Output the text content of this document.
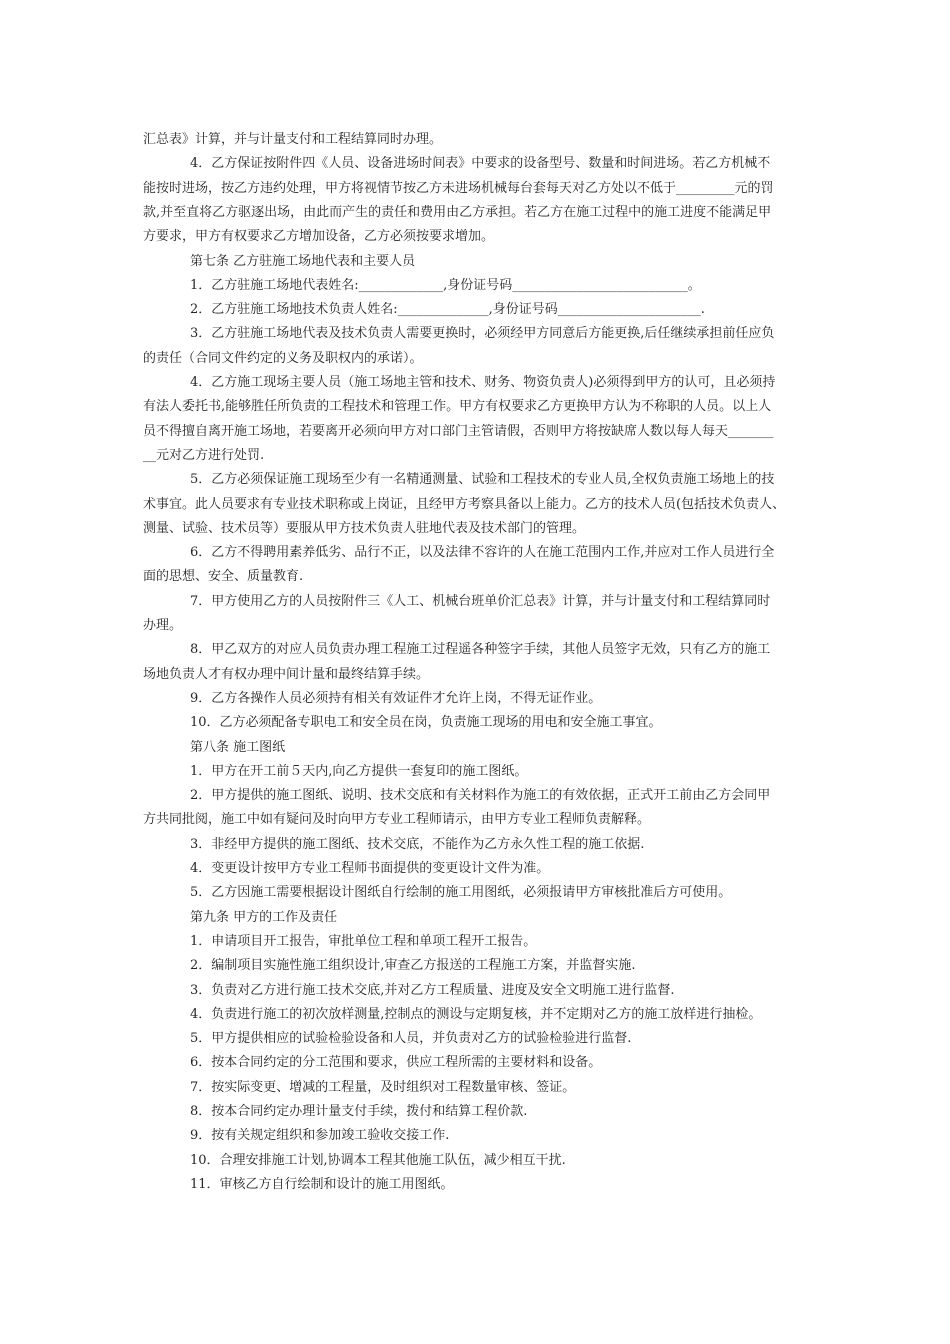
汇总表》计算，并与计量支付和工程结算同时办理。
4．乙方保证按附件四《人员、设备进场时间表》中要求的设备型号、数量和时间进场。若乙方机械不
能按时进场，按乙方违约处理，甲方将视情节按乙方未进场机械每台套每天对乙方处以不低于_________元的罚
款,并至直将乙方驱逐出场，由此而产生的责任和费用由乙方承担。若乙方在施工过程中的施工进度不能满足甲
方要求，甲方有权要求乙方增加设备，乙方必须按要求增加。
第七条 乙方驻施工场地代表和主要人员
1．乙方驻施工场地代表姓名:_____________,身份证号码___________________________。
2．乙方驻施工场地技术负责人姓名:______________,身份证号码______________________.
3．乙方驻施工场地代表及技术负责人需要更换时，必须经甲方同意后方能更换,后任继续承担前任应负
的责任（合同文件约定的义务及职权内的承诺）。
4．乙方施工现场主要人员（施工场地主管和技术、财务、物资负责人)必须得到甲方的认可，且必须持
有法人委托书,能够胜任所负责的工程技术和管理工作。甲方有权要求乙方更换甲方认为不称职的人员。以上人
员不得擅自离开施工场地，若要离开必须向甲方对口部门主管请假，否则甲方将按缺席人数以每人每天_______
__元对乙方进行处罚.
5．乙方必须保证施工现场至少有一名精通测量、试验和工程技术的专业人员,全权负责施工场地上的技
术事宜。此人员要求有专业技术职称或上岗证，且经甲方考察具备以上能力。乙方的技术人员(包括技术负责人、
测量、试验、技术员等）要服从甲方技术负责人驻地代表及技术部门的管理。
6．乙方不得聘用素养低劣、品行不正，以及法律不容许的人在施工范围内工作,并应对工作人员进行全
面的思想、安全、质量教育.
7．甲方使用乙方的人员按附件三《人工、机械台班单价汇总表》计算，并与计量支付和工程结算同时
办理。
8．甲乙双方的对应人员负责办理工程施工过程遥各种签字手续，其他人员签字无效，只有乙方的施工
场地负责人才有权办理中间计量和最终结算手续。
9．乙方各操作人员必须持有相关有效证件才允许上岗，不得无证作业。
10．乙方必须配备专职电工和安全员在岗，负责施工现场的用电和安全施工事宜。
第八条 施工图纸
1．甲方在开工前５天内,向乙方提供一套复印的施工图纸。
2．甲方提供的施工图纸、说明、技术交底和有关材料作为施工的有效依据，正式开工前由乙方会同甲
方共同批阅，施工中如有疑问及时向甲方专业工程师请示，由甲方专业工程师负责解释。
3．非经甲方提供的施工图纸、技术交底，不能作为乙方永久性工程的施工依据.
4．变更设计按甲方专业工程师书面提供的变更设计文件为准。
5．乙方因施工需要根据设计图纸自行绘制的施工用图纸，必须报请甲方审核批准后方可使用。
第九条 甲方的工作及责任
1．申请项目开工报告，审批单位工程和单项工程开工报告。
2．编制项目实施性施工组织设计,审查乙方报送的工程施工方案，并监督实施.
3．负责对乙方进行施工技术交底,并对乙方工程质量、进度及安全文明施工进行监督.
4．负责进行施工的初次放样测量,控制点的测设与定期复核，并不定期对乙方的施工放样进行抽检。
5．甲方提供相应的试验检验设备和人员，并负责对乙方的试验检验进行监督.
6．按本合同约定的分工范围和要求，供应工程所需的主要材料和设备。
7．按实际变更、增减的工程量，及时组织对工程数量审核、签证。
8．按本合同约定办理计量支付手续，拨付和结算工程价款.
9．按有关规定组织和参加竣工验收交接工作.
10．合理安排施工计划,协调本工程其他施工队伍，减少相互干扰.
11．审核乙方自行绘制和设计的施工用图纸。
